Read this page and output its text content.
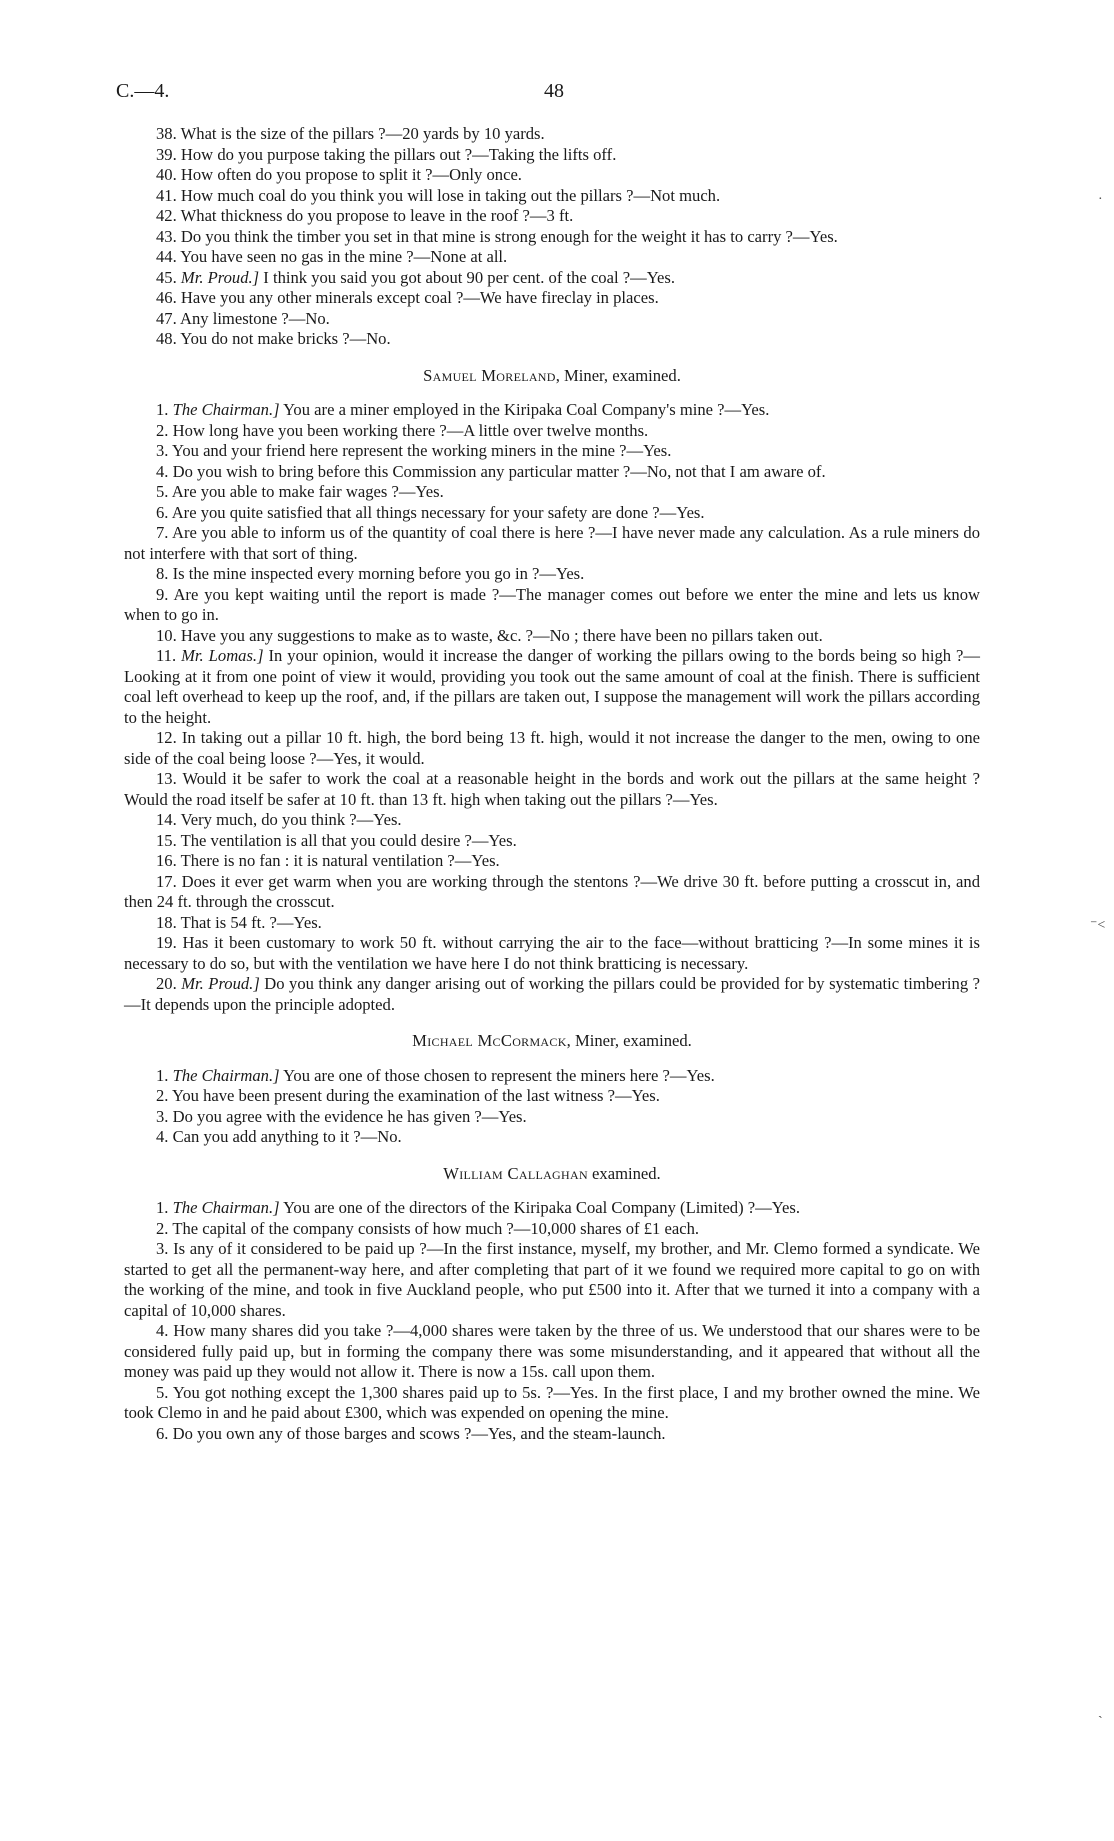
C.—4.	48

38. What is the size of the pillars ?—20 yards by 10 yards.

39. How do you purpose taking the pillars out ?—Taking the lifts off.

40. How often do you propose to split it ?—Only once.

41. How much coal do you think you will lose in taking out the pillars ?—Not much.

42. What thickness do you propose to leave in the roof ?—3 ft.

43. Do you think the timber you set in that mine is strong enough for the weight it has to carry ?—Yes.

44. You have seen no gas in the mine ?—None at all.

45. Mr. Proud.] I think you said you got about 90 per cent. of the coal ?—Yes.

46. Have you any other minerals except coal ?—We have fireclay in places.

47. Any limestone ?—No.

48. You do not make bricks ?—No.

Samuel Moreland, Miner, examined.

1. The Chairman.] You are a miner employed in the Kiripaka Coal Company's mine ?—Yes.

2. How long have you been working there ?—A little over twelve months.

3. You and your friend here represent the working miners in the mine ?—Yes.

4. Do you wish to bring before this Commission any particular matter ?—No, not that I am aware of.

5. Are you able to make fair wages ?—Yes.

6. Are you quite satisfied that all things necessary for your safety are done ?—Yes.

7. Are you able to inform us of the quantity of coal there is here ?—I have never made any calculation. As a rule miners do not interfere with that sort of thing.

8. Is the mine inspected every morning before you go in ?—Yes.

9. Are you kept waiting until the report is made ?—The manager comes out before we enter the mine and lets us know when to go in.

10. Have you any suggestions to make as to waste, &c. ?—No ; there have been no pillars taken out.

11. Mr. Lomas.] In your opinion, would it increase the danger of working the pillars owing to the bords being so high ?—Looking at it from one point of view it would, providing you took out the same amount of coal at the finish. There is sufficient coal left overhead to keep up the roof, and, if the pillars are taken out, I suppose the management will work the pillars according to the height.

12. In taking out a pillar 10 ft. high, the bord being 13 ft. high, would it not increase the danger to the men, owing to one side of the coal being loose ?—Yes, it would.

13. Would it be safer to work the coal at a reasonable height in the bords and work out the pillars at the same height ? Would the road itself be safer at 10 ft. than 13 ft. high when taking out the pillars ?—Yes.

14. Very much, do you think ?—Yes.

15. The ventilation is all that you could desire ?—Yes.

16. There is no fan : it is natural ventilation ?—Yes.

17. Does it ever get warm when you are working through the stentons ?—We drive 30 ft. before putting a crosscut in, and then 24 ft. through the crosscut.

18. That is 54 ft. ?—Yes.

19. Has it been customary to work 50 ft. without carrying the air to the face—without bratticing ?—In some mines it is necessary to do so, but with the ventilation we have here I do not think bratticing is necessary.

20. Mr. Proud.] Do you think any danger arising out of working the pillars could be provided for by systematic timbering ?—It depends upon the principle adopted.

Michael McCormack, Miner, examined.

1. The Chairman.] You are one of those chosen to represent the miners here ?—Yes.

2. You have been present during the examination of the last witness ?—Yes.

3. Do you agree with the evidence he has given ?—Yes.

4. Can you add anything to it ?—No.

William Callaghan examined.

1. The Chairman.] You are one of the directors of the Kiripaka Coal Company (Limited) ?—Yes.

2. The capital of the company consists of how much ?—10,000 shares of £1 each.

3. Is any of it considered to be paid up ?—In the first instance, myself, my brother, and Mr. Clemo formed a syndicate. We started to get all the permanent-way here, and after completing that part of it we found we required more capital to go on with the working of the mine, and took in five Auckland people, who put £500 into it. After that we turned it into a company with a capital of 10,000 shares.

4. How many shares did you take ?—4,000 shares were taken by the three of us. We understood that our shares were to be considered fully paid up, but in forming the company there was some misunderstanding, and it appeared that without all the money was paid up they would not allow it. There is now a 15s. call upon them.

5. You got nothing except the 1,300 shares paid up to 5s. ?—Yes. In the first place, I and my brother owned the mine. We took Clemo in and he paid about £300, which was expended on opening the mine.

6. Do you own any of those barges and scows ?—Yes, and the steam-launch.

·
⁻˂
ˎ
